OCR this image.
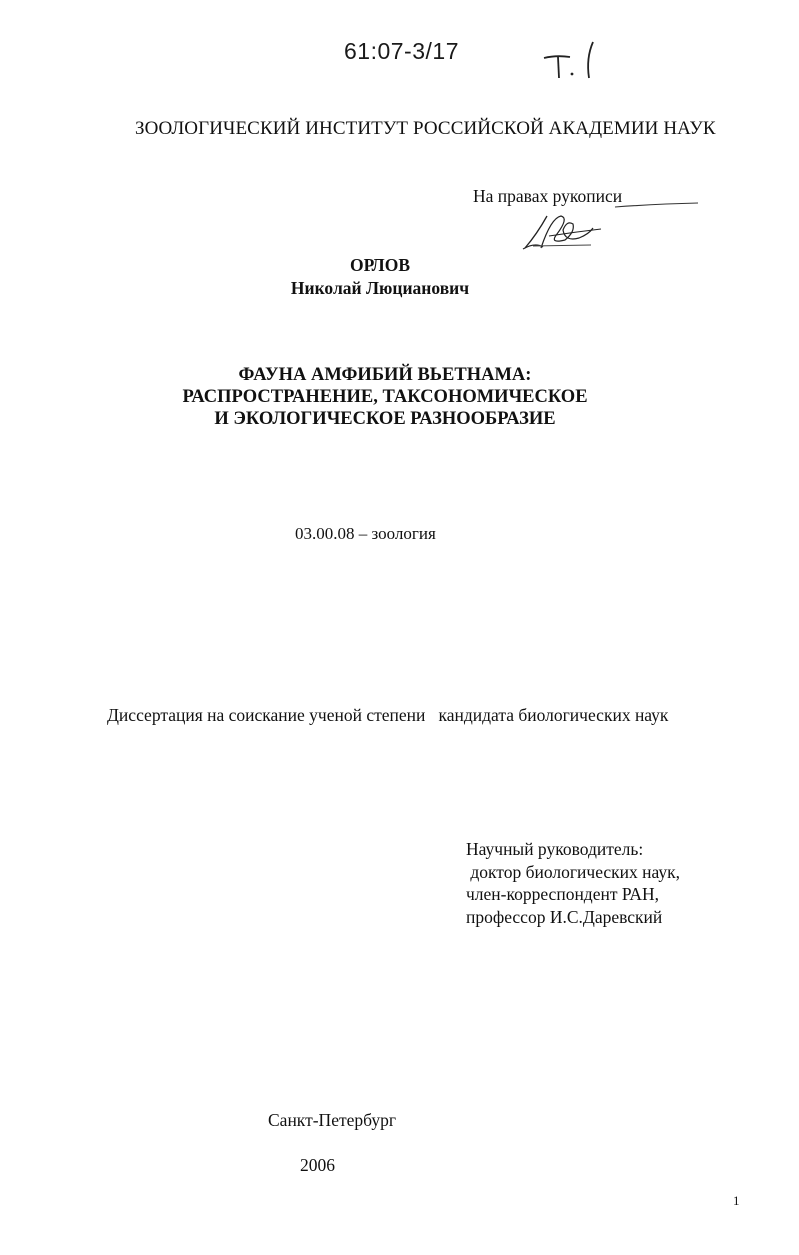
61:07-3/17
ЗООЛОГИЧЕСКИЙ ИНСТИТУТ РОССИЙСКОЙ АКАДЕМИИ НАУК
На правах рукописи
ОРЛОВ
Николай Люцианович
ФАУНА АМФИБИЙ ВЬЕТНАМА:
РАСПРОСТРАНЕНИЕ, ТАКСОНОМИЧЕСКОЕ
И ЭКОЛОГИЧЕСКОЕ РАЗНООБРАЗИЕ
03.00.08 – зоология
Диссертация на соискание ученой степени   кандидата биологических наук
Научный руководитель:
доктор биологических наук,
член-корреспондент РАН,
профессор И.С.Даревский
Санкт-Петербург
2006
1
